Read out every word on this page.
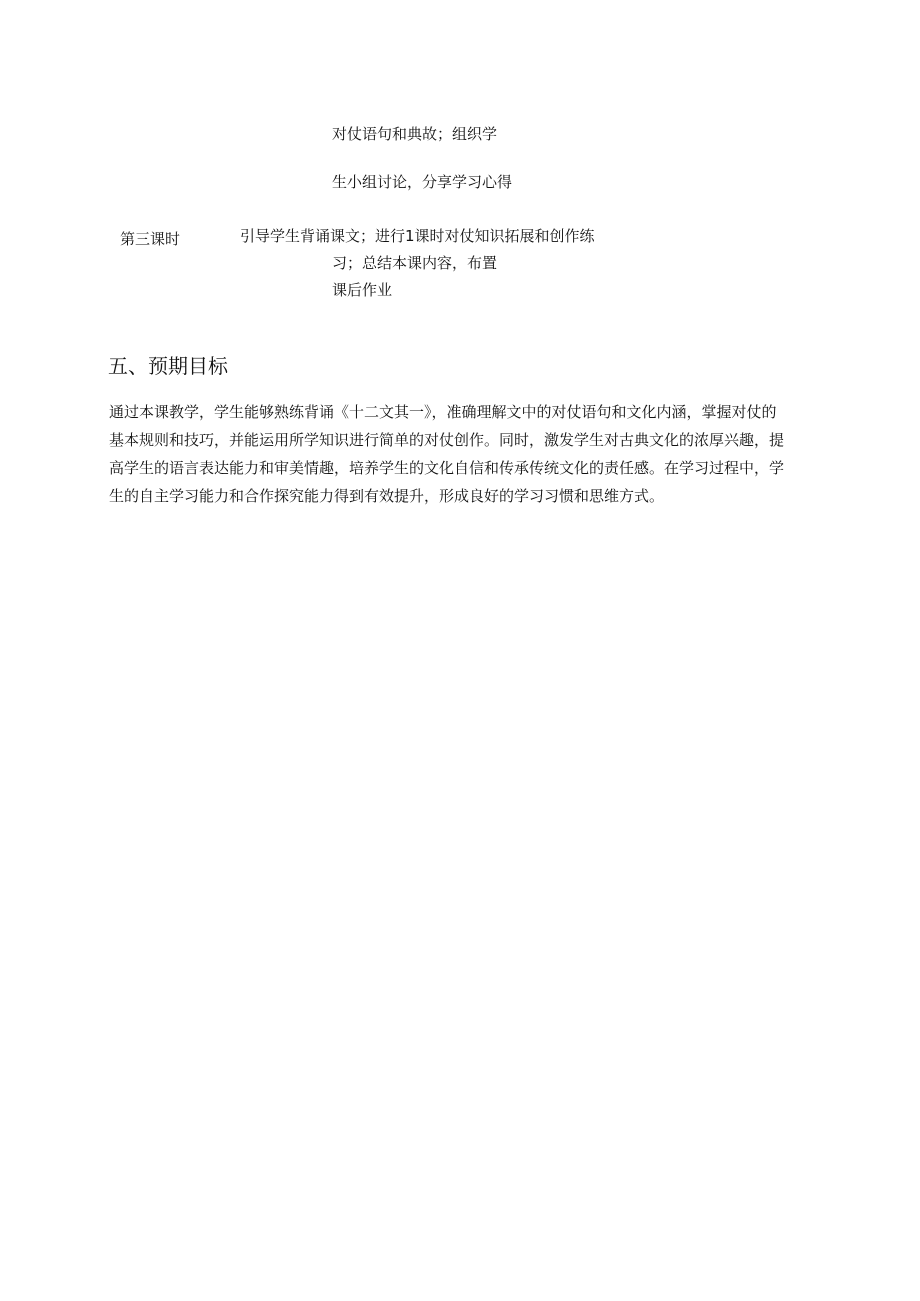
对仗语句和典故；组织学
生小组讨论，分享学习心得
第三课时	引导学生背诵课文；进行1课时对仗知识拓展和创作练
习；总结本课内容，布置
课后作业
五、预期目标
通过本课教学，学生能够熟练背诵《十二文其一》，准确理解文中的对仗语句和文化内涵，掌握对仗的
基本规则和技巧，并能运用所学知识进行简单的对仗创作。同时，激发学生对古典文化的浓厚兴趣，提
高学生的语言表达能力和审美情趣，培养学生的文化自信和传承传统文化的责任感。在学习过程中，学
生的自主学习能力和合作探究能力得到有效提升，形成良好的学习习惯和思维方式。
